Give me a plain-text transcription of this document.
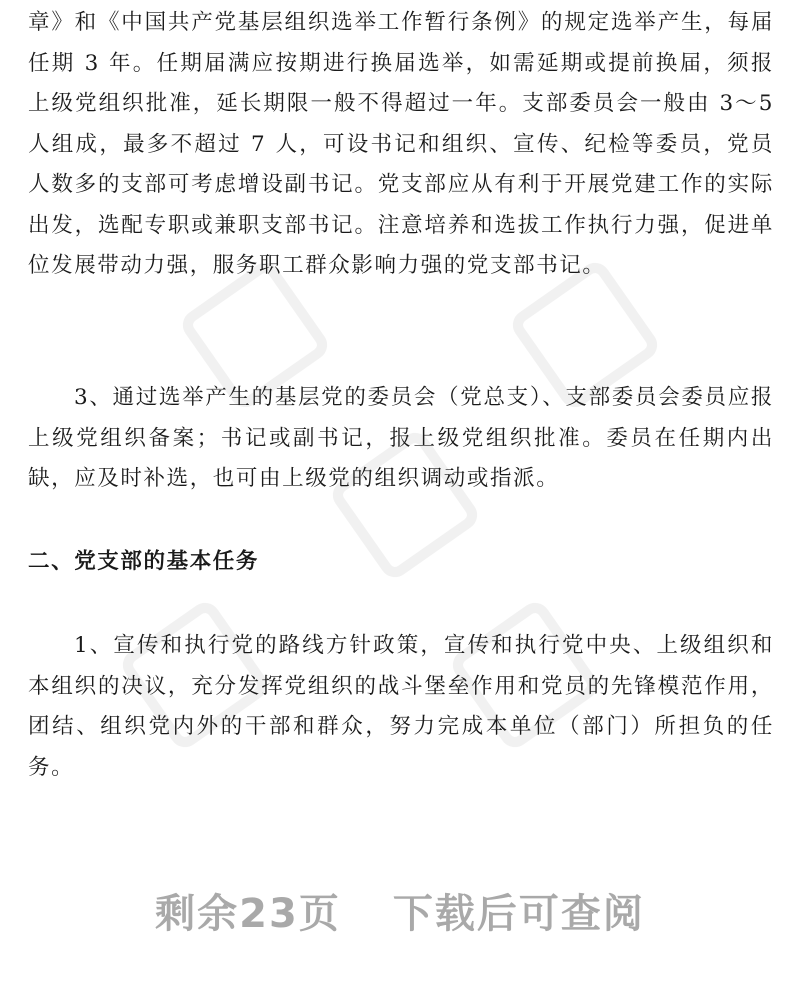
章》和《中国共产党基层组织选举工作暂行条例》的规定选举产生，每届任期 3 年。任期届满应按期进行换届选举，如需延期或提前换届，须报上级党组织批准，延长期限一般不得超过一年。支部委员会一般由 3～5 人组成，最多不超过 7 人，可设书记和组织、宣传、纪检等委员，党员人数多的支部可考虑增设副书记。党支部应从有利于开展党建工作的实际出发，选配专职或兼职支部书记。注意培养和选拔工作执行力强，促进单位发展带动力强，服务职工群众影响力强的党支部书记。

3、通过选举产生的基层党的委员会（党总支）、支部委员会委员应报上级党组织备案；书记或副书记，报上级党组织批准。委员在任期内出缺，应及时补选，也可由上级党的组织调动或指派。

二、党支部的基本任务

1、宣传和执行党的路线方针政策，宣传和执行党中央、上级组织和本组织的决议，充分发挥党组织的战斗堡垒作用和党员的先锋模范作用，团结、组织党内外的干部和群众，努力完成本单位（部门）所担负的任务。

剩余23页 下载后可查阅
